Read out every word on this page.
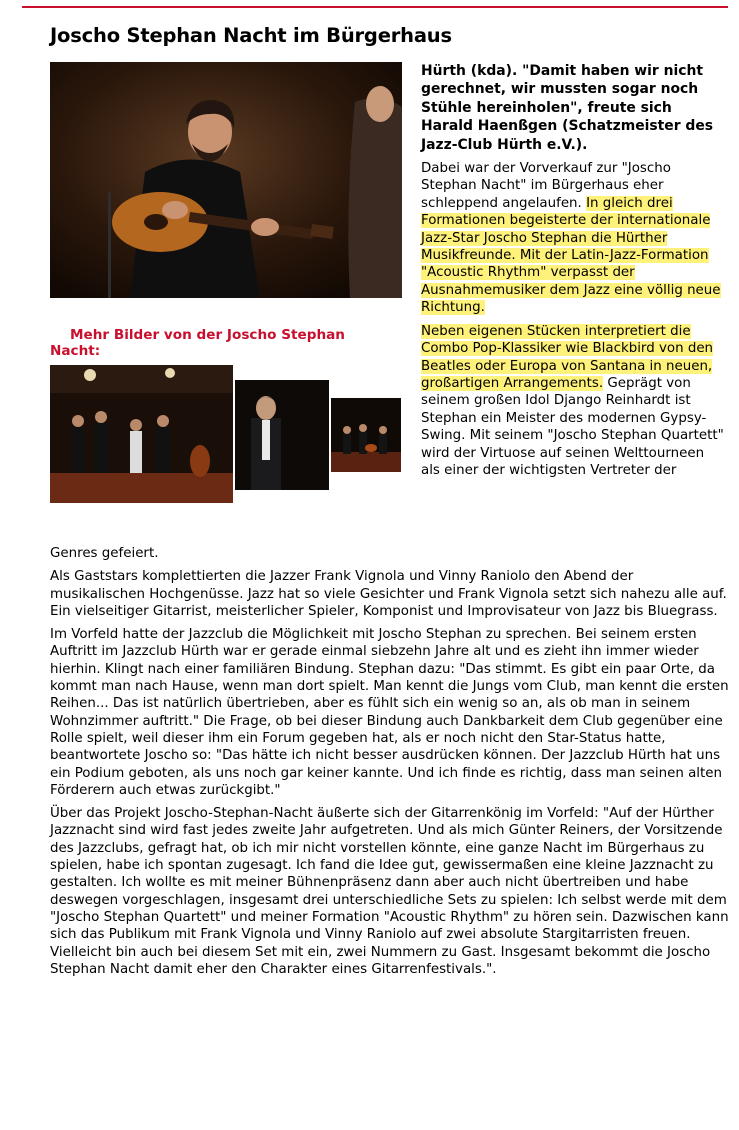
Joscho Stephan Nacht im Bürgerhaus
Mehr Bilder von der Joscho Stephan Nacht:

Hürth (kda). "Damit haben wir nicht gerechnet, wir mussten sogar noch Stühle hereinholen", freute sich Harald Haenßgen (Schatzmeister des Jazz-Club Hürth e.V.).

Dabei war der Vorverkauf zur "Joscho Stephan Nacht" im Bürgerhaus eher schleppend angelaufen. In gleich drei Formationen begeisterte der internationale Jazz-Star Joscho Stephan die Hürther Musikfreunde. Mit der Latin-Jazz-Formation "Acoustic Rhythm" verpasst der Ausnahmemusiker dem Jazz eine völlig neue Richtung.

Neben eigenen Stücken interpretiert die Combo Pop-Klassiker wie Blackbird von den Beatles oder Europa von Santana in neuen, großartigen Arrangements. Geprägt von seinem großen Idol Django Reinhardt ist Stephan ein Meister des modernen Gypsy-Swing. Mit seinem "Joscho Stephan Quartett" wird der Virtuose auf seinen Welttourneen als einer der wichtigsten Vertreter der

Genres gefeiert.

Als Gaststars komplettierten die Jazzer Frank Vignola und Vinny Raniolo den Abend der musikalischen Hochgenüsse. Jazz hat so viele Gesichter und Frank Vignola setzt sich nahezu alle auf. Ein vielseitiger Gitarrist, meisterlicher Spieler, Komponist und Improvisateur von Jazz bis Bluegrass.

Im Vorfeld hatte der Jazzclub die Möglichkeit mit Joscho Stephan zu sprechen. Bei seinem ersten Auftritt im Jazzclub Hürth war er gerade einmal siebzehn Jahre alt und es zieht ihn immer wieder hierhin. Klingt nach einer familiären Bindung. Stephan dazu: "Das stimmt. Es gibt ein paar Orte, da kommt man nach Hause, wenn man dort spielt. Man kennt die Jungs vom Club, man kennt die ersten Reihen... Das ist natürlich übertrieben, aber es fühlt sich ein wenig so an, als ob man in seinem Wohnzimmer auftritt." Die Frage, ob bei dieser Bindung auch Dankbarkeit dem Club gegenüber eine Rolle spielt, weil dieser ihm ein Forum gegeben hat, als er noch nicht den Star-Status hatte, beantwortete Joscho so: "Das hätte ich nicht besser ausdrücken können. Der Jazzclub Hürth hat uns ein Podium geboten, als uns noch gar keiner kannte. Und ich finde es richtig, dass man seinen alten Förderern auch etwas zurückgibt."

Über das Projekt Joscho-Stephan-Nacht äußerte sich der Gitarrenkönig im Vorfeld: "Auf der Hürther Jazznacht sind wird fast jedes zweite Jahr aufgetreten. Und als mich Günter Reiners, der Vorsitzende des Jazzclubs, gefragt hat, ob ich mir nicht vorstellen könnte, eine ganze Nacht im Bürgerhaus zu spielen, habe ich spontan zugesagt. Ich fand die Idee gut, gewissermaßen eine kleine Jazznacht zu gestalten. Ich wollte es mit meiner Bühnenpräsenz dann aber auch nicht übertreiben und habe deswegen vorgeschlagen, insgesamt drei unterschiedliche Sets zu spielen: Ich selbst werde mit dem "Joscho Stephan Quartett" und meiner Formation "Acoustic Rhythm" zu hören sein. Dazwischen kann sich das Publikum mit Frank Vignola und Vinny Raniolo auf zwei absolute Stargitarristen freuen. Vielleicht bin auch bei diesem Set mit ein, zwei Nummern zu Gast. Insgesamt bekommt die Joscho Stephan Nacht damit eher den Charakter eines Gitarrenfestivals.".
